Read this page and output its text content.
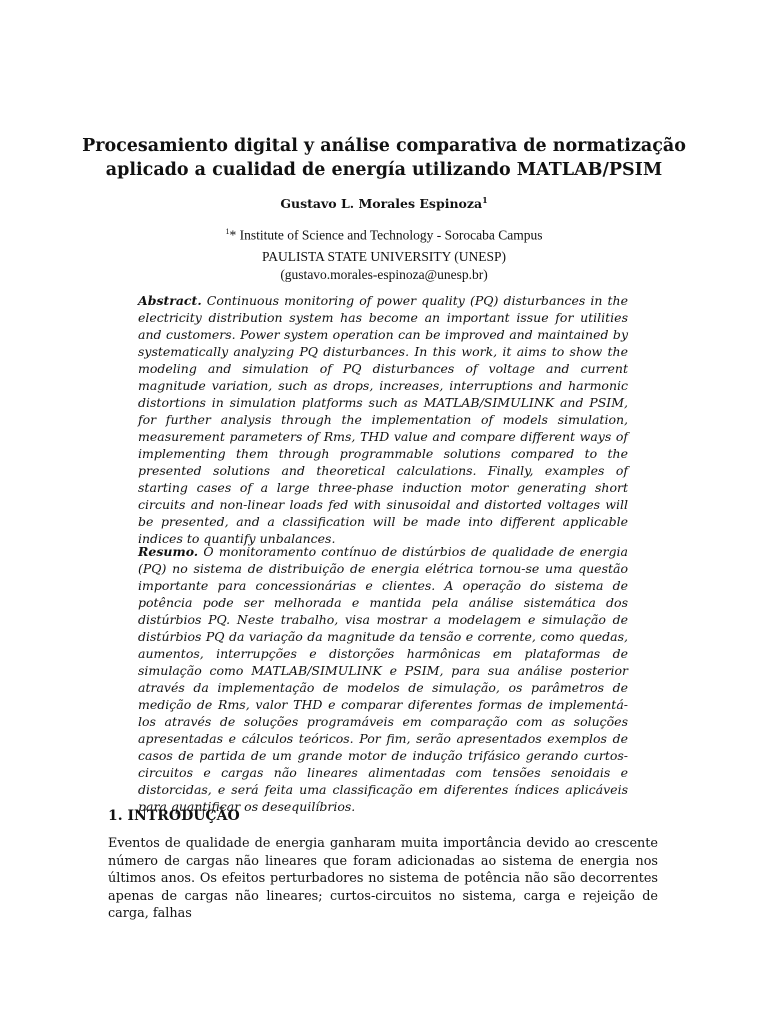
Procesamiento digital y análise comparativa de normatização
aplicado a cualidad de energía utilizando MATLAB/PSIM
Gustavo L. Morales Espinoza$^1$
$^1$* Institute of Science and Technology - Sorocaba Campus
PAULISTA STATE UNIVERSITY (UNESP)
(gustavo.morales-espinoza@unesp.br)

Abstract. Continuous monitoring of power quality (PQ) disturbances in the electricity distribution system has become an important issue for utilities and customers. Power system operation can be improved and maintained by systematically analyzing PQ disturbances. In this work, it aims to show the modeling and simulation of PQ disturbances of voltage and current magnitude variation, such as drops, increases, interruptions and harmonic distortions in simulation platforms such as MATLAB/SIMULINK and PSIM, for further analysis through the implementation of models simulation, measurement parameters of Rms, THD value and compare different ways of implementing them through programmable solutions compared to the presented solutions and theoretical calculations. Finally, examples of starting cases of a large three-phase induction motor generating short circuits and non-linear loads fed with sinusoidal and distorted voltages will be presented, and a classification will be made into different applicable indices to quantify unbalances.

Resumo. O monitoramento contínuo de distúrbios de qualidade de energia (PQ) no sistema de distribuição de energia elétrica tornou-se uma questão importante para concessionárias e clientes. A operação do sistema de potência pode ser melhorada e mantida pela análise sistemática dos distúrbios PQ. Neste trabalho, visa mostrar a modelagem e simulação de distúrbios PQ da variação da magnitude da tensão e corrente, como quedas, aumentos, interrupções e distorções harmônicas em plataformas de simulação como MATLAB/SIMULINK e PSIM, para sua análise posterior através da implementação de modelos de simulação, os parâmetros de medição de Rms, valor THD e comparar diferentes formas de implementá-los através de soluções programáveis em comparação com as soluções apresentadas e cálculos teóricos. Por fim, serão apresentados exemplos de casos de partida de um grande motor de indução trifásico gerando curtos-circuitos e cargas não lineares alimentadas com tensões senoidais e distorcidas, e será feita uma classificação em diferentes índices aplicáveis para quantificar os desequilíbrios.

1. INTRODUÇÃO

Eventos de qualidade de energia ganharam muita importância devido ao crescente número de cargas não lineares que foram adicionadas ao sistema de energia nos últimos anos. Os efeitos perturbadores no sistema de potência não são decorrentes apenas de cargas não lineares; curtos-circuitos no sistema, carga e rejeição de carga, falhas
